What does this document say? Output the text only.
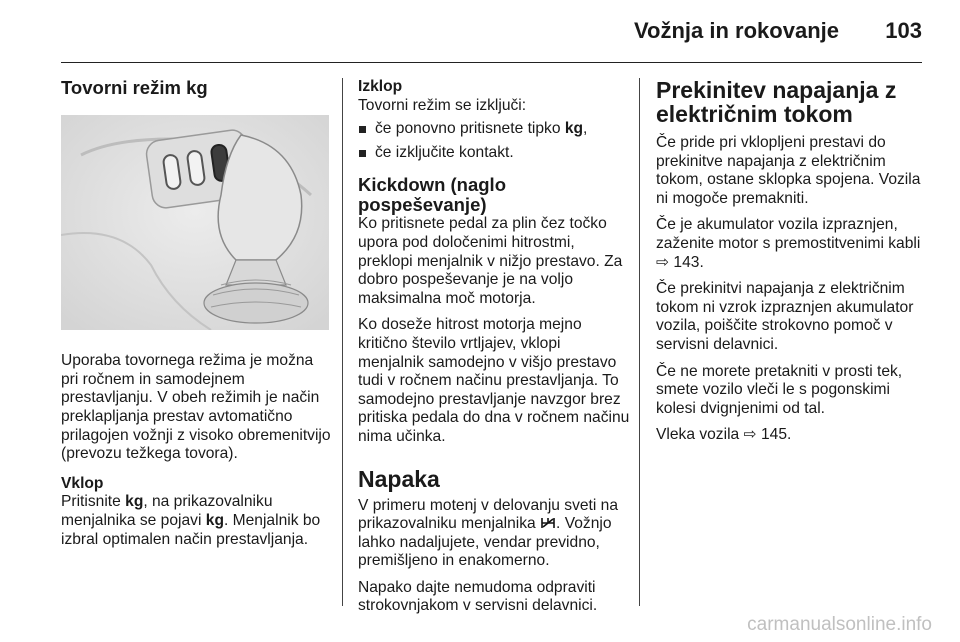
Vožnja in rokovanje 103
Tovorni režim kg

Uporaba tovornega režima je možna pri ročnem in samodejnem prestavljanju. V obeh režimih je način preklapljanja prestav avtomatično prilagojen vožnji z visoko obremenitvijo (prevozu težkega tovora).

Vklop

Pritisnite kg, na prikazovalniku menjalnika se pojavi kg. Menjalnik bo izbral optimalen način prestavljanja.

Izklop
Tovorni režim se izključi:
če ponovno pritisnete tipko kg,
če izključite kontakt.
Kickdown (naglo pospeševanje)

Ko pritisnete pedal za plin čez točko upora pod določenimi hitrostmi, preklopi menjalnik v nižjo prestavo. Za dobro pospeševanje je na voljo maksimalna moč motorja.

Ko doseže hitrost motorja mejno kritično število vrtljajev, vklopi menjalnik samodejno v višjo prestavo tudi v ročnem načinu prestavljanja. To samodejno prestavljanje navzgor brez pritiska pedala do dna v ročnem načinu nima učinka.

Napaka

V primeru motenj v delovanju sveti na prikazovalniku menjalnika . Vožnjo lahko nadaljujete, vendar previdno, premišljeno in enakomerno.

Napako dajte nemudoma odpraviti strokovnjakom v servisni delavnici.

Prekinitev napajanja z električnim tokom

Če pride pri vklopljeni prestavi do prekinitve napajanja z električnim tokom, ostane sklopka spojena. Vozila ni mogoče premakniti.

Če je akumulator vozila izpraznjen, zaženite motor s premostitvenimi kabli ⇨ 143.

Če prekinitvi napajanja z električnim tokom ni vzrok izpraznjen akumulator vozila, poiščite strokovno pomoč v servisni delavnici.

Če ne morete pretakniti v prosti tek, smete vozilo vleči le s pogonskimi kolesi dvignjenimi od tal.

Vleka vozila ⇨ 145.

carmanualsonline.info
